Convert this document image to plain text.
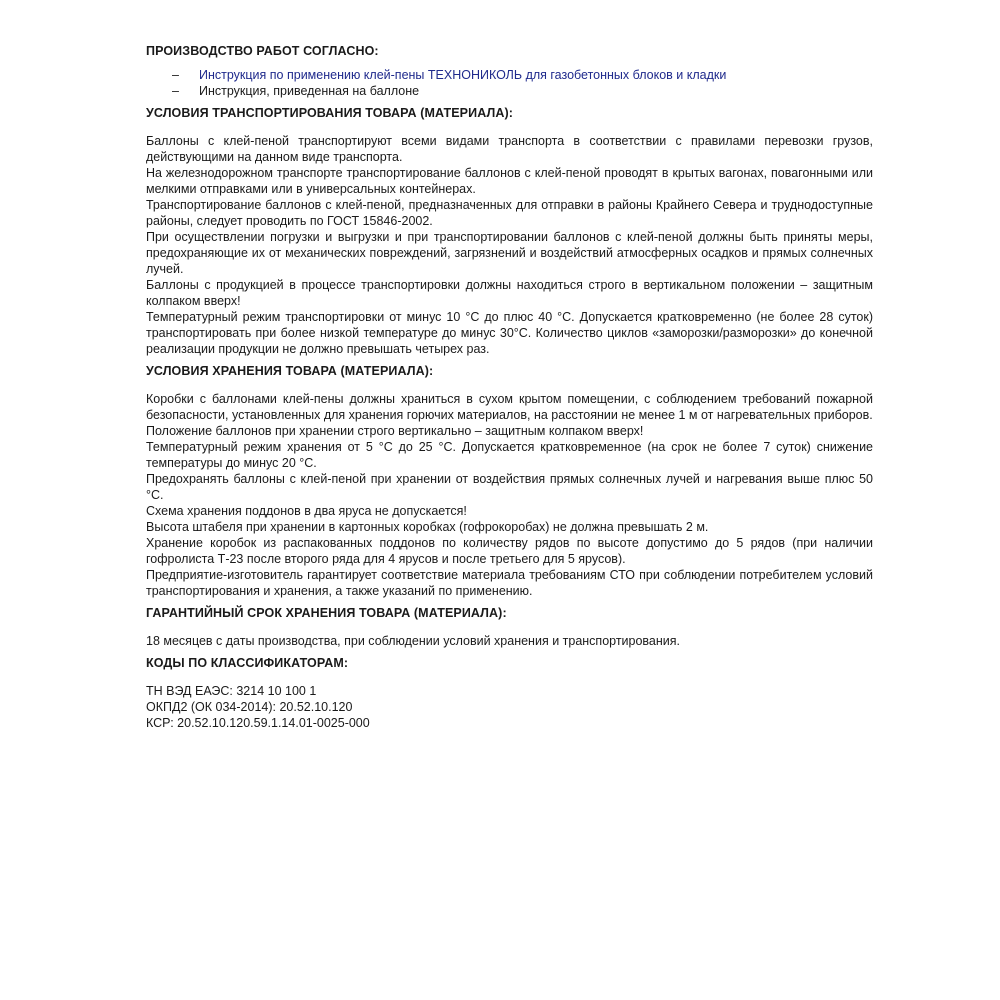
ПРОИЗВОДСТВО РАБОТ СОГЛАСНО:

– Инструкция по применению клей-пены ТЕХНОНИКОЛЬ для газобетонных блоков и кладки
– Инструкция, приведенная на баллоне

УСЛОВИЯ ТРАНСПОРТИРОВАНИЯ ТОВАРА (МАТЕРИАЛА):

Баллоны с клей-пеной транспортируют всеми видами транспорта в соответствии с правилами перевозки грузов, действующими на данном виде транспорта.

На железнодорожном транспорте транспортирование баллонов с клей-пеной проводят в крытых вагонах, повагонными или мелкими отправками или в универсальных контейнерах.

Транспортирование баллонов с клей-пеной, предназначенных для отправки в районы Крайнего Севера и труднодоступные районы, следует проводить по ГОСТ 15846-2002.

При осуществлении погрузки и выгрузки и при транспортировании баллонов с клей-пеной должны быть приняты меры, предохраняющие их от механических повреждений, загрязнений и воздействий атмосферных осадков и прямых солнечных лучей.

Баллоны с продукцией в процессе транспортировки должны находиться строго в вертикальном положении – защитным колпаком вверх!

Температурный режим транспортировки от минус 10 °С до плюс 40 °С. Допускается кратковременно (не более 28 суток) транспортировать при более низкой температуре до минус 30°С. Количество циклов «заморозки/разморозки» до конечной реализации продукции не должно превышать четырех раз.

УСЛОВИЯ ХРАНЕНИЯ ТОВАРА (МАТЕРИАЛА):

Коробки с баллонами клей-пены должны храниться в сухом крытом помещении, с соблюдением требований пожарной безопасности, установленных для хранения горючих материалов, на расстоянии не менее 1 м от нагревательных приборов.

Положение баллонов при хранении строго вертикально – защитным колпаком вверх!

Температурный режим хранения от 5 °С до 25 °С. Допускается кратковременное (на срок не более 7 суток) снижение температуры до минус 20 °С.

Предохранять баллоны с клей-пеной при хранении от воздействия прямых солнечных лучей и нагревания выше плюс 50 °С.

Схема хранения поддонов в два яруса не допускается!

Высота штабеля при хранении в картонных коробках (гофрокоробах) не должна превышать 2 м.

Хранение коробок из распакованных поддонов по количеству рядов по высоте допустимо до 5 рядов (при наличии гофролиста Т-23 после второго ряда для 4 ярусов и после третьего для 5 ярусов).

Предприятие-изготовитель гарантирует соответствие материала требованиям СТО при соблюдении потребителем условий транспортирования и хранения, а также указаний по применению.

ГАРАНТИЙНЫЙ СРОК ХРАНЕНИЯ ТОВАРА (МАТЕРИАЛА):

18 месяцев с даты производства, при соблюдении условий хранения и транспортирования.

КОДЫ ПО КЛАССИФИКАТОРАМ:

ТН ВЭД ЕАЭС: 3214 10 100 1

ОКПД2 (ОК 034-2014): 20.52.10.120

КСР: 20.52.10.120.59.1.14.01-0025-000
